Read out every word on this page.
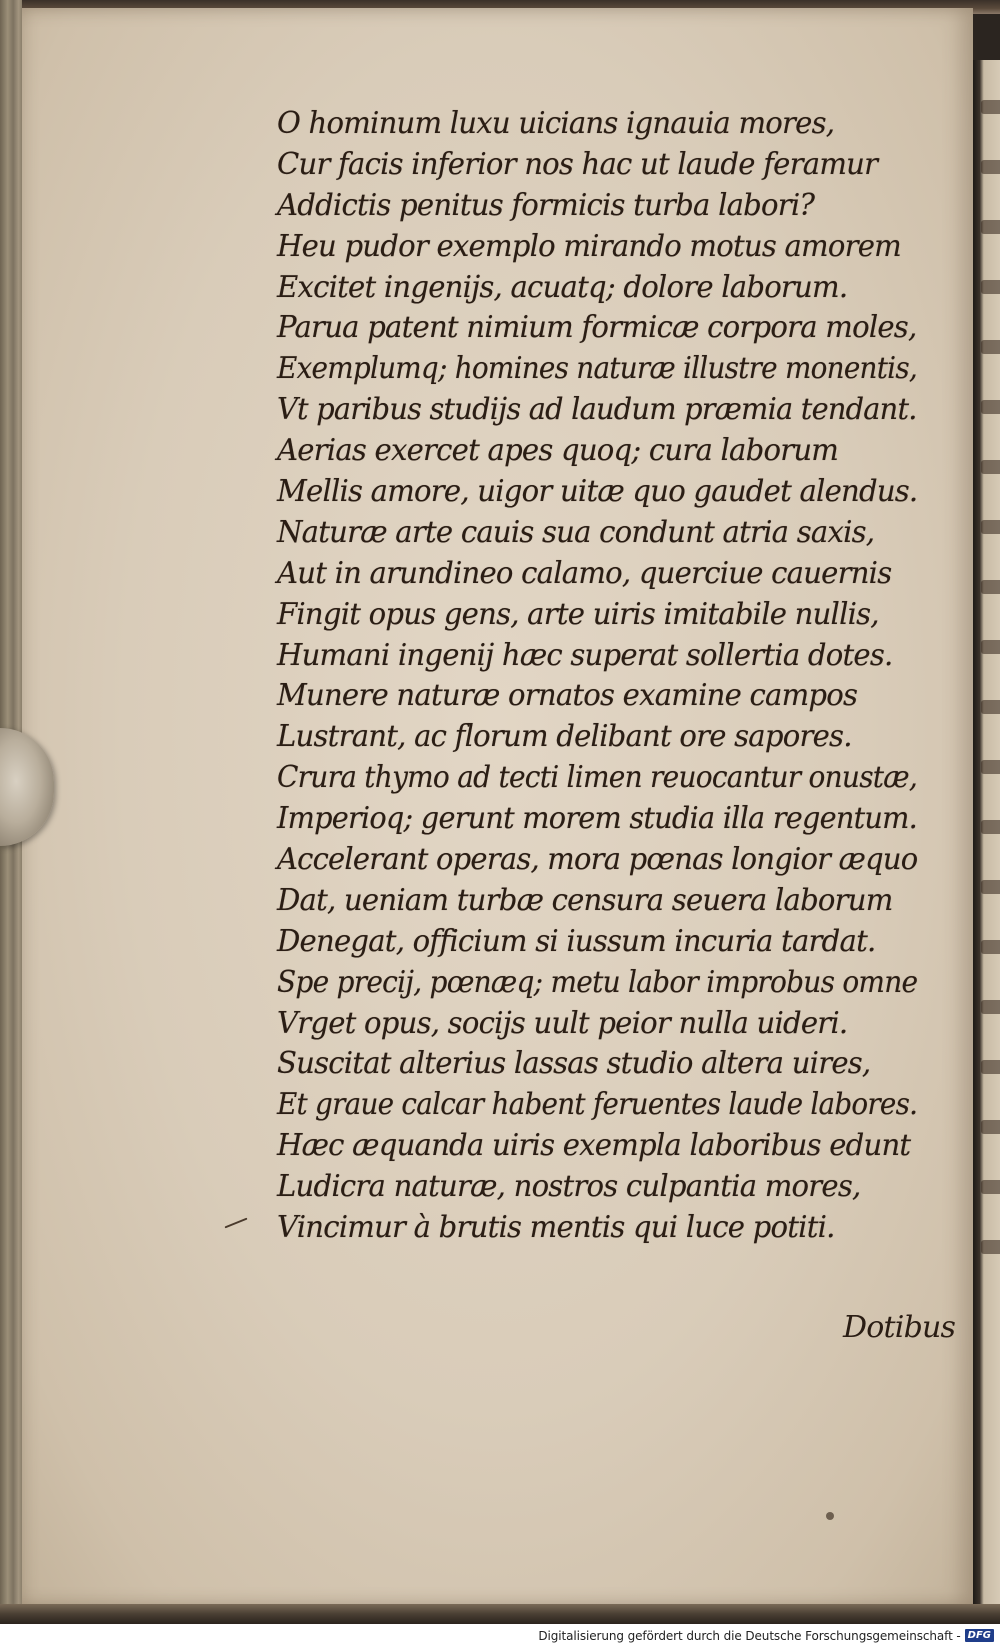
O hominum luxu uicians ignauia mores,
Cur facis inferior nos hac ut laude feramur
Addictis penitus formicis turba labori?
Heu pudor exemplo mirando motus amorem
Excitet ingenijs, acuatq; dolore laborum.
Parua patent nimium formicæ corpora moles,
Exemplumq; homines naturæ illustre monentis,
Vt paribus studijs ad laudum præmia tendant.
Aerias exercet apes quoq; cura laborum
Mellis amore, uigor uitæ quo gaudet alendus.
Naturæ arte cauis sua condunt atria saxis,
Aut in arundineo calamo, querciue cauernis
Fingit opus gens, arte uiris imitabile nullis,
Humani ingenij hæc superat sollertia dotes.
Munere naturæ ornatos examine campos
Lustrant, ac florum delibant ore sapores.
Crura thymo ad tecti limen reuocantur onustæ,
Imperioq; gerunt morem studia illa regentum.
Accelerant operas, mora pœnas longior æquo
Dat, ueniam turbæ censura seuera laborum
Denegat, officium si iussum incuria tardat.
Spe precij, pœnæq; metu labor improbus omne
Vrget opus, socijs uult peior nulla uideri.
Suscitat alterius lassas studio altera uires,
Et graue calcar habent feruentes laude labores.
Hæc æquanda uiris exempla laboribus edunt
Ludicra naturæ, nostros culpantia mores,
Vincimur à brutis mentis qui luce potiti.
Dotibus
Digitalisierung gefördert durch die Deutsche Forschungsgemeinschaft - DFG
